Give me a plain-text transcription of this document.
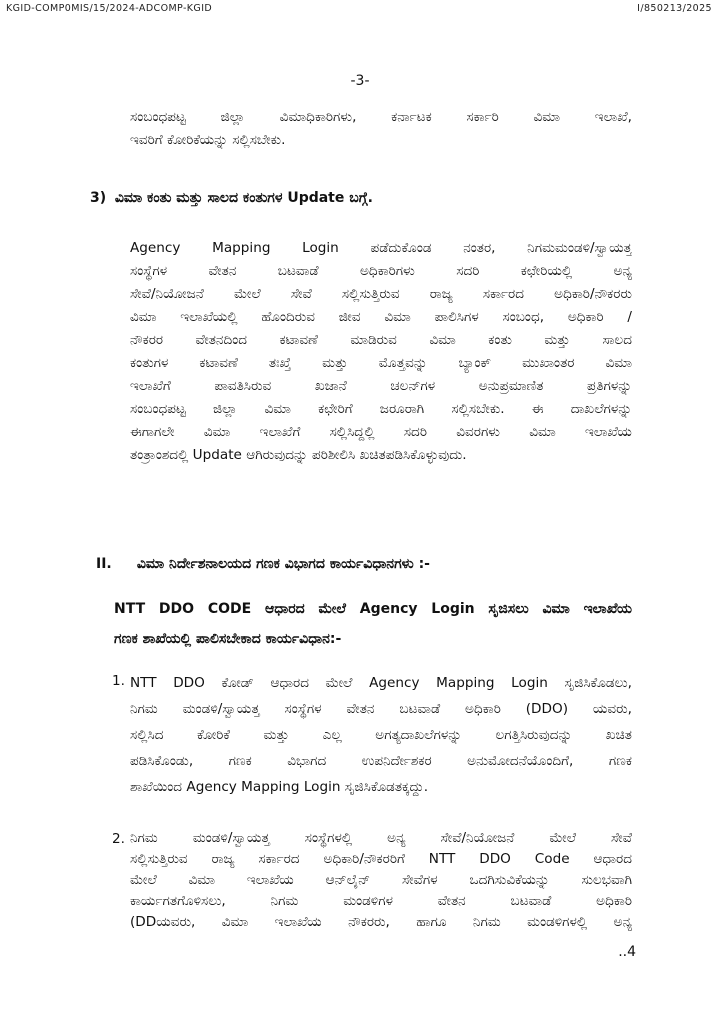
KGID-COMP0MIS/15/2024-ADCOMP-KGID	I/850213/2025
-3-
ಸಂಬಂಧಪಟ್ಟ ಜಿಲ್ಲಾ ವಿಮಾಧಿಕಾರಿಗಳು, ಕರ್ನಾಟಕ ಸರ್ಕಾರಿ ವಿಮಾ ಇಲಾಖೆ,
ಇವರಿಗೆ ಕೋರಿಕೆಯನ್ನು ಸಲ್ಲಿಸಬೇಕು.
3) ವಿಮಾ ಕಂತು ಮತ್ತು ಸಾಲದ ಕಂತುಗಳ Update ಬಗ್ಗೆ.
Agency Mapping Login ಪಡೆದುಕೊಂಡ ನಂತರ, ನಿಗಮಮಂಡಳಿ/ಸ್ವಾಯತ್ತ
ಸಂಸ್ಥೆಗಳ ವೇತನ ಬಟವಾಡೆ ಅಧಿಕಾರಿಗಳು ಸದರಿ ಕಛೇರಿಯಲ್ಲಿ ಅನ್ಯ
ಸೇವೆ/ನಿಯೋಜನೆ ಮೇಲೆ ಸೇವೆ ಸಲ್ಲಿಸುತ್ತಿರುವ ರಾಜ್ಯ ಸರ್ಕಾರದ ಅಧಿಕಾರಿ/ನೌಕರರು
ವಿಮಾ ಇಲಾಖೆಯಲ್ಲಿ ಹೊಂದಿರುವ ಜೀವ ವಿಮಾ ಪಾಲಿಸಿಗಳ ಸಂಬಂಧ, ಅಧಿಕಾರಿ /
ನೌಕರರ ವೇತನದಿಂದ ಕಟಾವಣೆ ಮಾಡಿರುವ ವಿಮಾ ಕಂತು ಮತ್ತು ಸಾಲದ
ಕಂತುಗಳ ಕಟಾವಣೆ ತಃಖ್ತೆ ಮತ್ತು ಮೊತ್ತವನ್ನು ಬ್ಯಾಂಕ್ ಮುಖಾಂತರ ವಿಮಾ
ಇಲಾಖೆಗೆ ಪಾವತಿಸಿರುವ ಖಜಾನೆ ಚಲನ್‌ಗಳ ಅನುಪ್ರಮಾಣಿತ ಪ್ರತಿಗಳನ್ನು
ಸಂಬಂಧಪಟ್ಟ ಜಿಲ್ಲಾ ವಿಮಾ ಕಛೇರಿಗೆ ಜರೂರಾಗಿ ಸಲ್ಲಿಸಬೇಕು. ಈ ದಾಖಲೆಗಳನ್ನು
ಈಗಾಗಲೇ ವಿಮಾ ಇಲಾಖೆಗೆ ಸಲ್ಲಿಸಿದ್ದಲ್ಲಿ ಸದರಿ ವಿವರಗಳು ವಿಮಾ ಇಲಾಖೆಯ
ತಂತ್ರಾಂಶದಲ್ಲಿ Update ಆಗಿರುವುದನ್ನು ಪರಿಶೀಲಿಸಿ ಖಚಿತಪಡಿಸಿಕೊಳ್ಳುವುದು.
II. ವಿಮಾ ನಿರ್ದೇಶನಾಲಯದ ಗಣಕ ವಿಭಾಗದ ಕಾರ್ಯವಿಧಾನಗಳು :-
NTT DDO CODE ಆಧಾರದ ಮೇಲೆ Agency Login ಸೃಜಿಸಲು ವಿಮಾ ಇಲಾಖೆಯ
ಗಣಕ ಶಾಖೆಯಲ್ಲಿ ಪಾಲಿಸಬೇಕಾದ ಕಾರ್ಯವಿಧಾನ:-
1. NTT DDO ಕೋಡ್ ಆಧಾರದ ಮೇಲೆ Agency Mapping Login ಸೃಜಿಸಿಕೊಡಲು,
ನಿಗಮ ಮಂಡಳಿ/ಸ್ವಾಯತ್ತ ಸಂಸ್ಥೆಗಳ ವೇತನ ಬಟವಾಡೆ ಅಧಿಕಾರಿ (DDO) ಯವರು,
ಸಲ್ಲಿಸಿದ ಕೋರಿಕೆ ಮತ್ತು ಎಲ್ಲ ಅಗತ್ಯದಾಖಲೆಗಳನ್ನು ಲಗತ್ತಿಸಿರುವುದನ್ನು ಖಚಿತ
ಪಡಿಸಿಕೊಂಡು, ಗಣಕ ವಿಭಾಗದ ಉಪನಿರ್ದೇಶಕರ ಅನುಮೋದನೆಯೊಂದಿಗೆ, ಗಣಕ
ಶಾಖೆಯಿಂದ Agency Mapping Login ಸೃಜಿಸಿಕೊಡತಕ್ಕದ್ದು.
2. ನಿಗಮ ಮಂಡಳಿ/ಸ್ವಾಯತ್ತ ಸಂಸ್ಥೆಗಳಲ್ಲಿ ಅನ್ಯ ಸೇವೆ/ನಿಯೋಜನೆ ಮೇಲೆ ಸೇವೆ
ಸಲ್ಲಿಸುತ್ತಿರುವ ರಾಜ್ಯ ಸರ್ಕಾರದ ಅಧಿಕಾರಿ/ನೌಕರರಿಗೆ NTT DDO Code ಆಧಾರದ
ಮೇಲೆ ವಿಮಾ ಇಲಾಖೆಯ ಆನ್‌ಲೈನ್ ಸೇವೆಗಳ ಒದಗಿಸುವಿಕೆಯನ್ನು ಸುಲಭವಾಗಿ
ಕಾರ್ಯಗತಗೊಳಿಸಲು, ನಿಗಮ ಮಂಡಳಿಗಳ ವೇತನ ಬಟವಾಡೆ ಅಧಿಕಾರಿ
(DDಯವರು, ವಿಮಾ ಇಲಾಖೆಯ ನೌಕರರು, ಹಾಗೂ ನಿಗಮ ಮಂಡಳಿಗಳಲ್ಲಿ ಅನ್ಯ
..4
